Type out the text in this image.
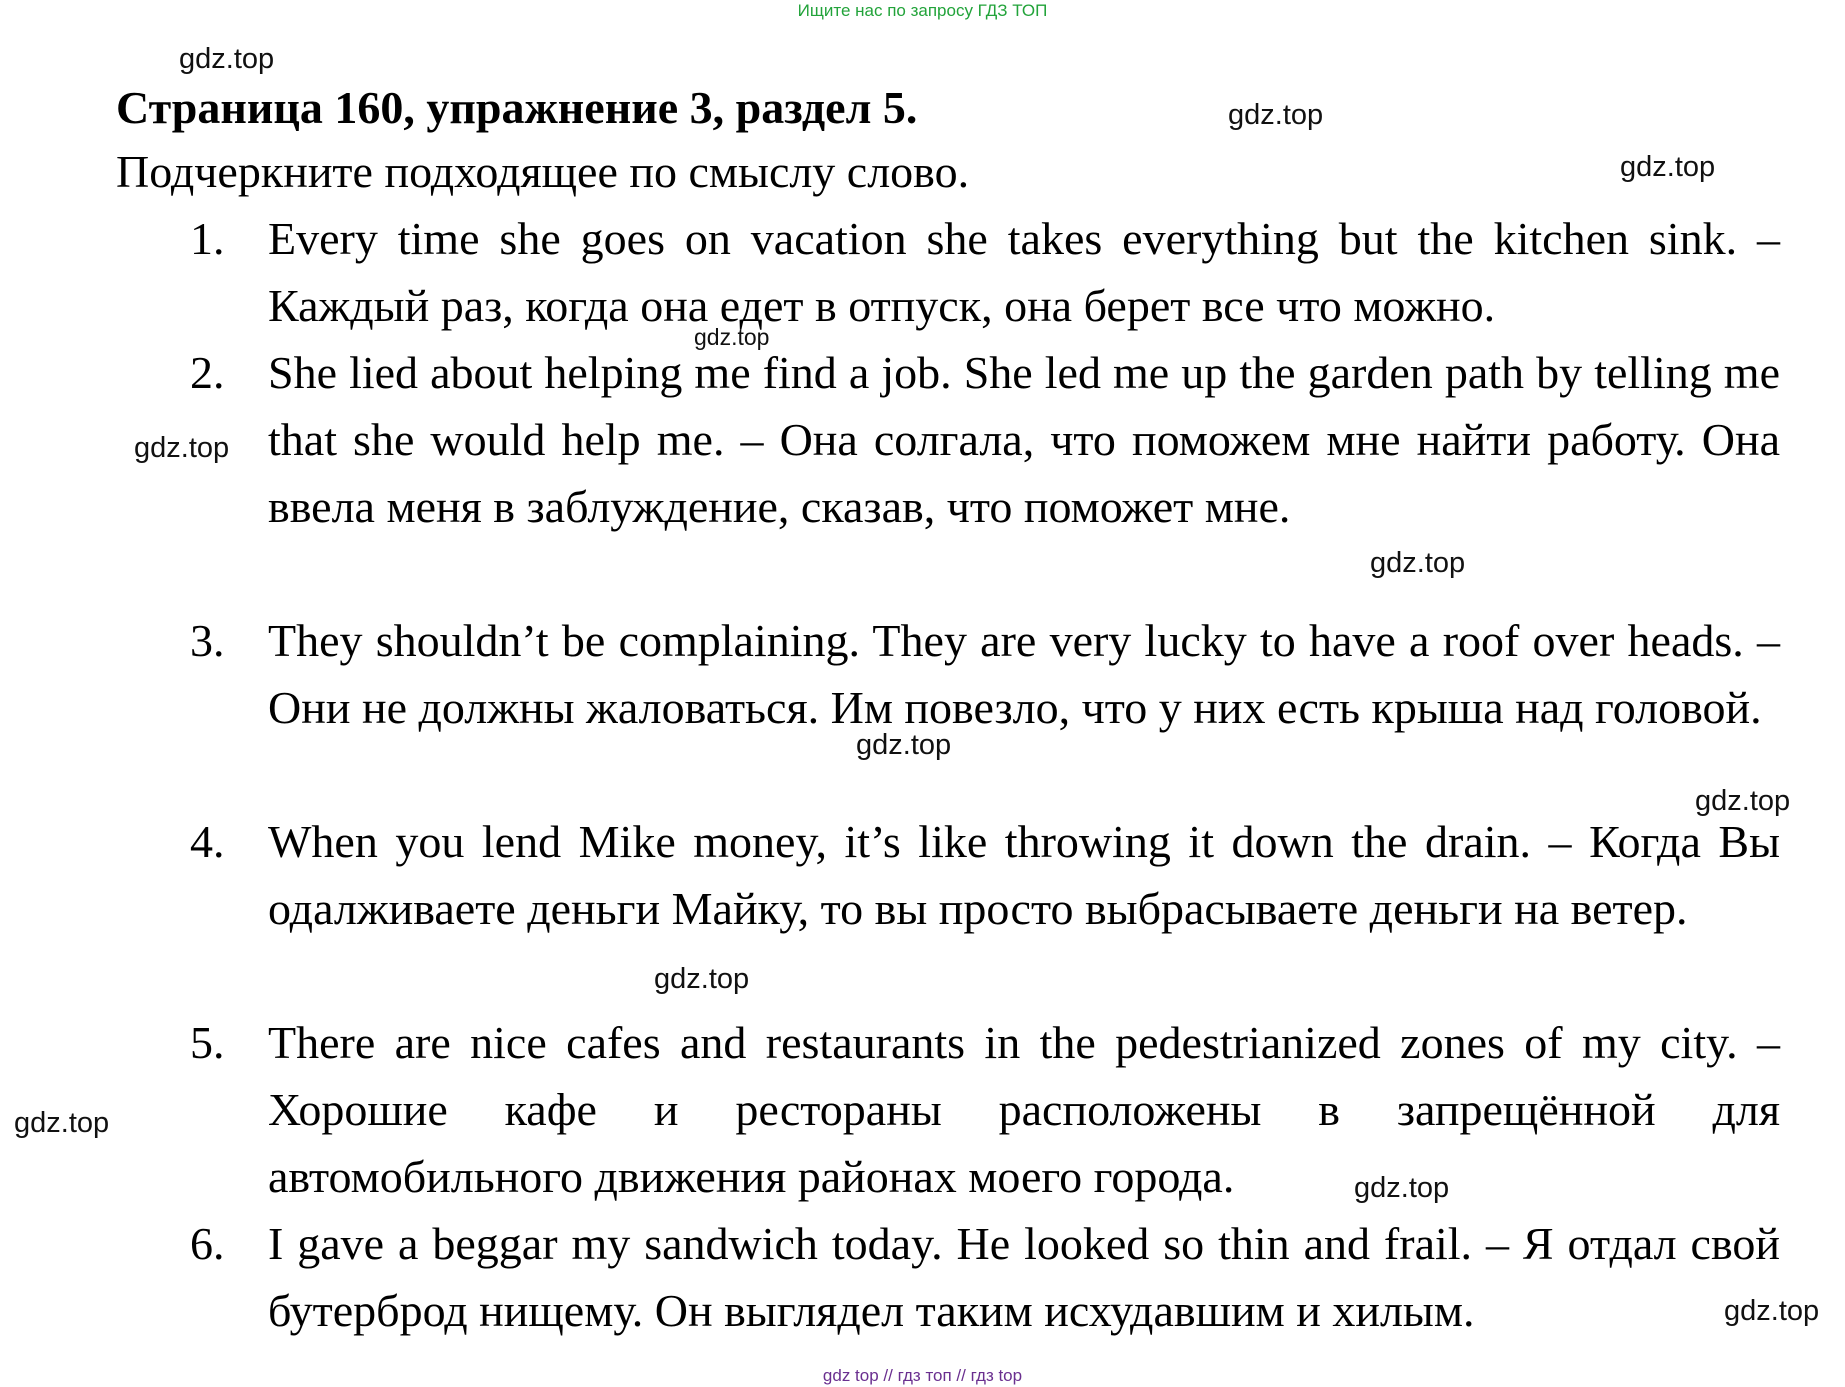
Ищите нас по запросу ГДЗ ТОП
Страница 160, упражнение 3, раздел 5.
Подчеркните подходящее по смыслу слово.
1. Every time she goes on vacation she takes everything but the kitchen sink. – Каждый раз, когда она едет в отпуск, она берет все что можно.
2. She lied about helping me find a job. She led me up the garden path by telling me that she would help me. – Она солгала, что поможем мне найти работу. Она ввела меня в заблуждение, сказав, что поможет мне.
3. They shouldn’t be complaining. They are very lucky to have a roof over heads. – Они не должны жаловаться. Им повезло, что у них есть крыша над головой.
4. When you lend Mike money, it’s like throwing it down the drain. – Когда Вы одалживаете деньги Майку, то вы просто выбрасываете деньги на ветер.
5. There are nice cafes and restaurants in the pedestrianized zones of my city. – Хорошие кафе и рестораны расположены в запрещённой для автомобильного движения районах моего города.
6. I gave a beggar my sandwich today. He looked so thin and frail. – Я отдал свой бутерброд нищему. Он выглядел таким исхудавшим и хилым.
gdz.top
gdz.top
gdz.top
gdz.top
gdz.top
gdz.top
gdz.top
gdz.top
gdz.top
gdz.top
gdz.top
gdz.top
gdz top // гдз топ // гдз top
